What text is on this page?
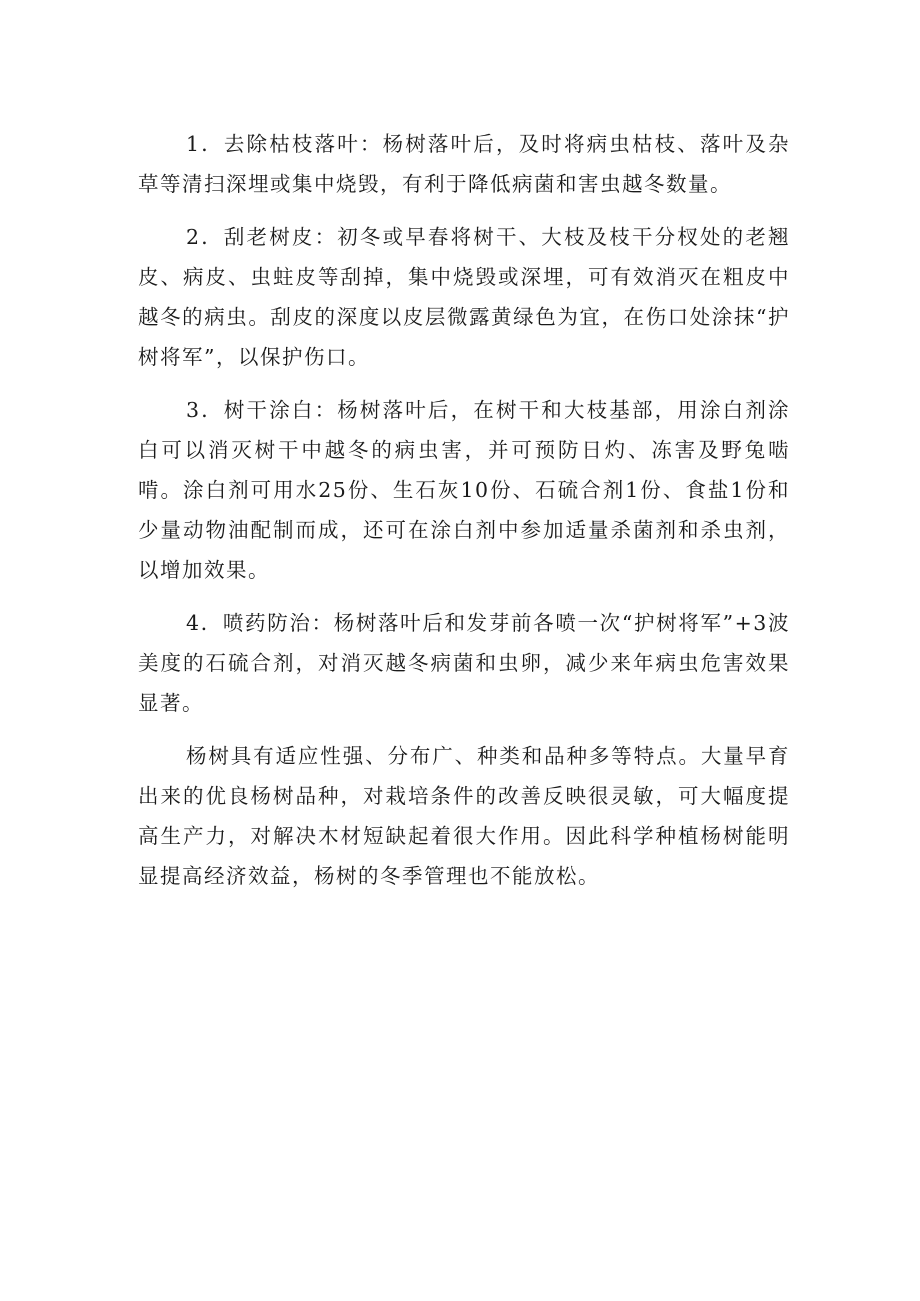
1．去除枯枝落叶：杨树落叶后，及时将病虫枯枝、落叶及杂草等清扫深埋或集中烧毁，有利于降低病菌和害虫越冬数量。

2．刮老树皮：初冬或早春将树干、大枝及枝干分杈处的老翘皮、病皮、虫蛀皮等刮掉，集中烧毁或深埋，可有效消灭在粗皮中越冬的病虫。刮皮的深度以皮层微露黄绿色为宜，在伤口处涂抹“护树将军”，以保护伤口。

3．树干涂白：杨树落叶后，在树干和大枝基部，用涂白剂涂白可以消灭树干中越冬的病虫害，并可预防日灼、冻害及野兔啮啃。涂白剂可用水25份、生石灰10份、石硫合剂1份、食盐1份和少量动物油配制而成，还可在涂白剂中参加适量杀菌剂和杀虫剂，以增加效果。

4．喷药防治：杨树落叶后和发芽前各喷一次“护树将军”+3波美度的石硫合剂，对消灭越冬病菌和虫卵，减少来年病虫危害效果显著。

杨树具有适应性强、分布广、种类和品种多等特点。大量早育出来的优良杨树品种，对栽培条件的改善反映很灵敏，可大幅度提高生产力，对解决木材短缺起着很大作用。因此科学种植杨树能明显提高经济效益，杨树的冬季管理也不能放松。
